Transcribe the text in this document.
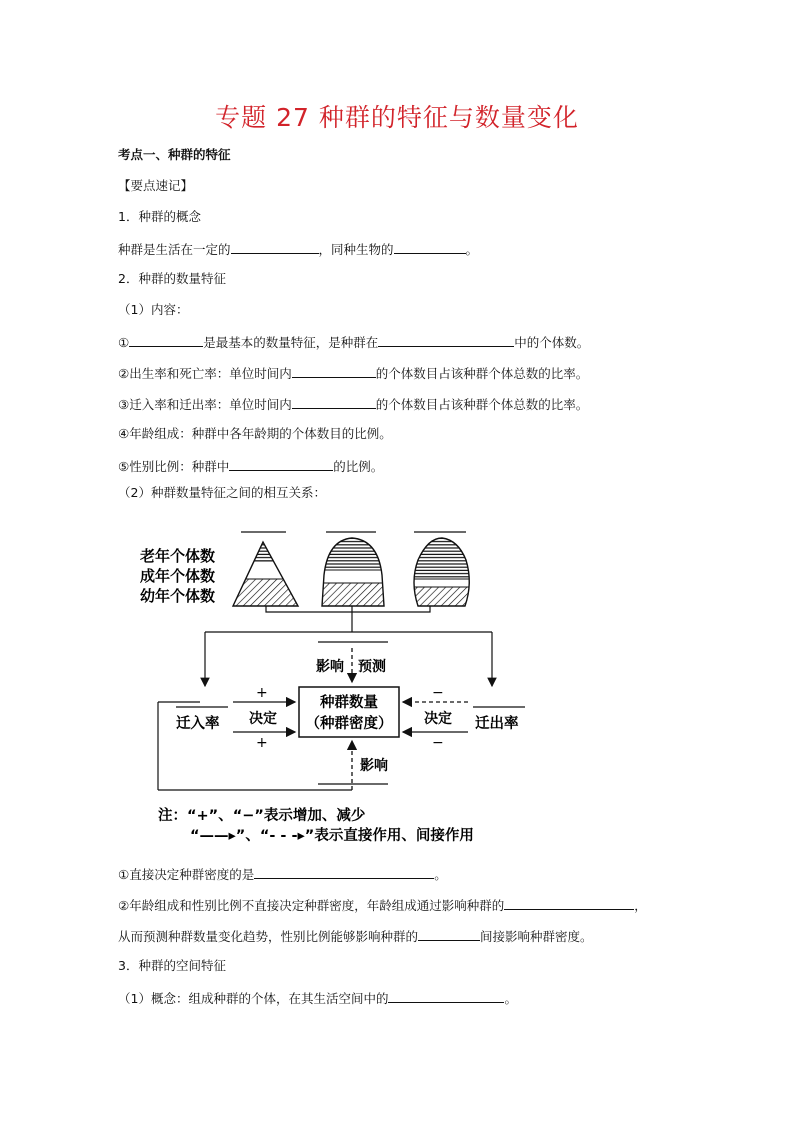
专题 27 种群的特征与数量变化
考点一、种群的特征
【要点速记】
1．种群的概念
种群是生活在一定的	，同种生物的	。
2．种群的数量特征
（1）内容：
①	是最基本的数量特征，是种群在	中的个体数。
②出生率和死亡率：单位时间内	的个体数目占该种群个体总数的比率。
③迁入率和迁出率：单位时间内	的个体数目占该种群个体总数的比率。
④年龄组成：种群中各年龄期的个体数目的比例。
⑤性别比例：种群中	的比例。
（2）种群数量特征之间的相互关系：
老年个体数
成年个体数
幼年个体数
影响 预测
种群数量
（种群密度）
迁入率
+
决定
+
迁出率
−
决定
−
影响
注：“+”、“−”表示增加、减少
“——▸”、“- - -▸”表示直接作用、间接作用
①直接决定种群密度的是	。
②年龄组成和性别比例不直接决定种群密度，年龄组成通过影响种群的	，
从而预测种群数量变化趋势，性别比例能够影响种群的	间接影响种群密度。
3．种群的空间特征
（1）概念：组成种群的个体，在其生活空间中的	。
